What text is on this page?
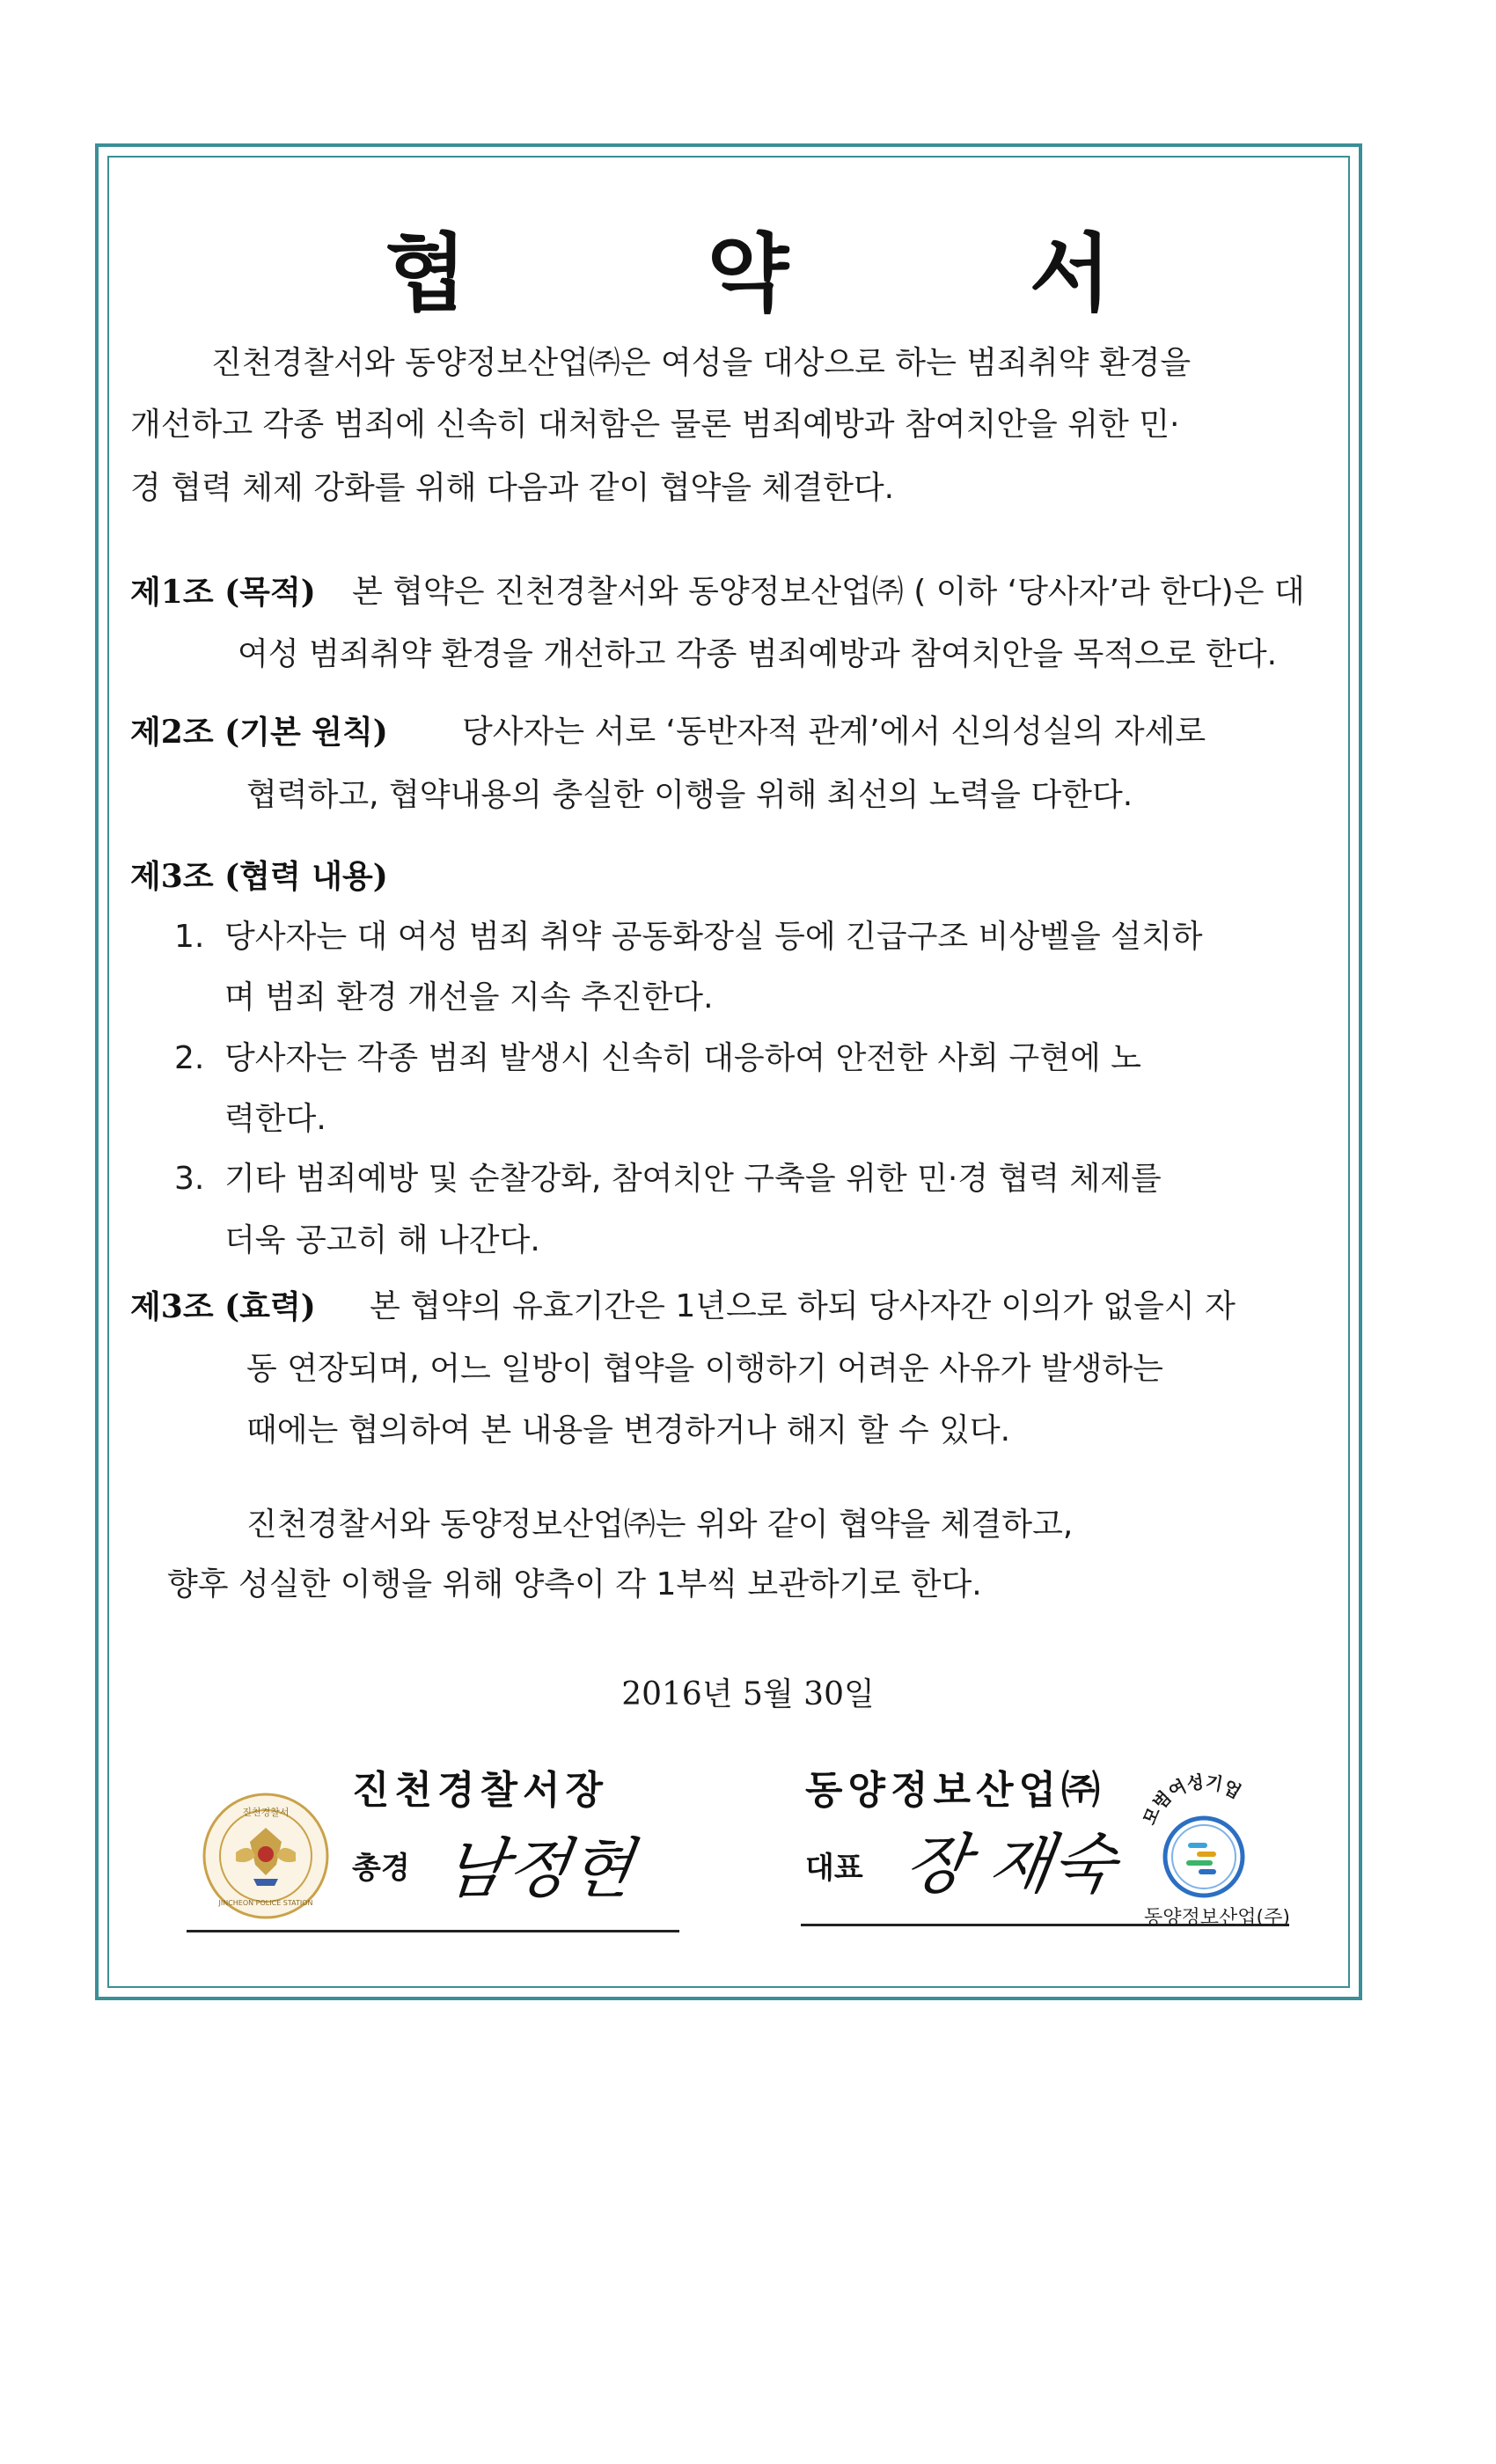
협 약 서
진천경찰서와 동양정보산업㈜은 여성을 대상으로 하는 범죄취약 환경을
개선하고 각종 범죄에 신속히 대처함은 물론 범죄예방과 참여치안을 위한 민·
경 협력 체제 강화를 위해 다음과 같이 협약을 체결한다.
제1조 (목적) 본 협약은 진천경찰서와 동양정보산업㈜ ( 이하 ‘당사자’라 한다)은 대
여성 범죄취약 환경을 개선하고 각종 범죄예방과 참여치안을 목적으로 한다.
제2조 (기본 원칙) 당사자는 서로 ‘동반자적 관계’에서 신의성실의 자세로
협력하고, 협약내용의 충실한 이행을 위해 최선의 노력을 다한다.
제3조 (협력 내용)
1. 당사자는 대 여성 범죄 취약 공동화장실 등에 긴급구조 비상벨을 설치하
며 범죄 환경 개선을 지속 추진한다.
2. 당사자는 각종 범죄 발생시 신속히 대응하여 안전한 사회 구현에 노
력한다.
3. 기타 범죄예방 및 순찰강화, 참여치안 구축을 위한 민·경 협력 체제를
더욱 공고히 해 나간다.
제3조 (효력) 본 협약의 유효기간은 1년으로 하되 당사자간 이의가 없을시 자
동 연장되며, 어느 일방이 협약을 이행하기 어려운 사유가 발생하는
때에는 협의하여 본 내용을 변경하거나 해지 할 수 있다.
진천경찰서와 동양정보산업㈜는 위와 같이 협약을 체결하고,
향후 성실한 이행을 위해 양측이 각 1부씩 보관하기로 한다.
2016년 5월 30일
진천경찰서장
총경 남정현
진천경찰서
JINCHEON POLICE STATION
동양정보산업㈜
대표 장 재숙
모범여성기업
동양정보산업(주)
